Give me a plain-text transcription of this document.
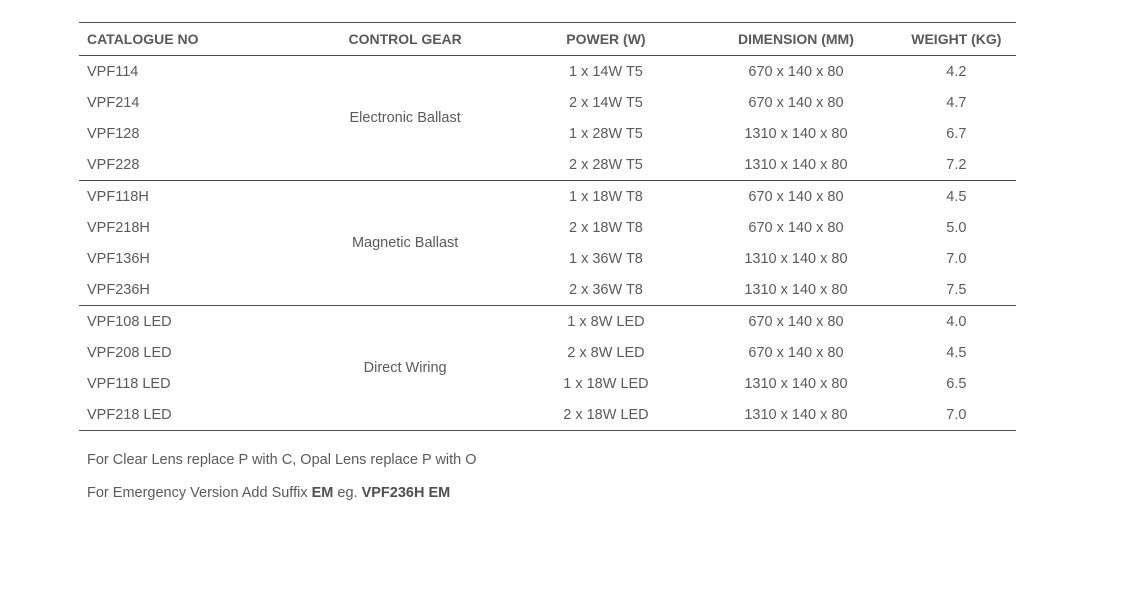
CATALOGUE NO	CONTROL GEAR	POWER (W)	DIMENSION (MM)	WEIGHT (KG)
VPF114	Electronic Ballast	1 x 14W T5	670 x 140 x 80	4.2
VPF214		2 x 14W T5	670 x 140 x 80	4.7
VPF128		1 x 28W T5	1310 x 140 x 80	6.7
VPF228		2 x 28W T5	1310 x 140 x 80	7.2
VPF118H	Magnetic Ballast	1 x 18W T8	670 x 140 x 80	4.5
VPF218H		2 x 18W T8	670 x 140 x 80	5.0
VPF136H		1 x 36W T8	1310 x 140 x 80	7.0
VPF236H		2 x 36W T8	1310 x 140 x 80	7.5
VPF108 LED	Direct Wiring	1 x 8W LED	670 x 140 x 80	4.0
VPF208 LED		2 x 8W LED	670 x 140 x 80	4.5
VPF118 LED		1 x 18W LED	1310 x 140 x 80	6.5
VPF218 LED		2 x 18W LED	1310 x 140 x 80	7.0

For Clear Lens replace P with C, Opal Lens replace P with O

For Emergency Version Add Suffix EM eg. VPF236H EM
